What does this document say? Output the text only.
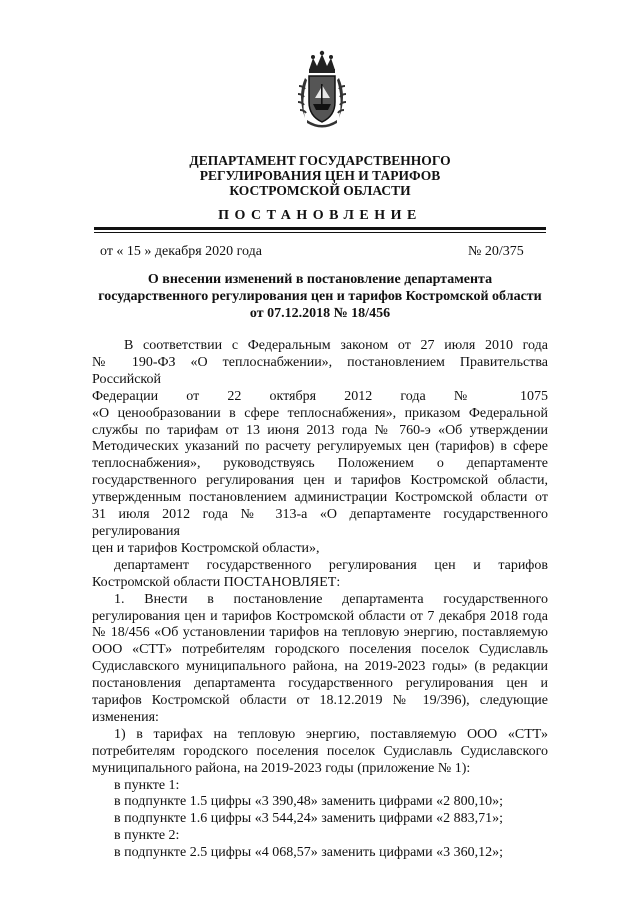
ДЕПАРТАМЕНТ ГОСУДАРСТВЕННОГО
РЕГУЛИРОВАНИЯ ЦЕН И ТАРИФОВ
КОСТРОМСКОЙ ОБЛАСТИ
ПОСТАНОВЛЕНИЕ
от « 15 » декабря 2020 года	№ 20/375
О внесении изменений в постановление департамента
государственного регулирования цен и тарифов Костромской области
от 07.12.2018 № 18/456
В соответствии с Федеральным законом от 27 июля 2010 года
№ 190-ФЗ «О теплоснабжении», постановлением Правительства Российской
Федерации от 22 октября 2012 года № 1075
«О ценообразовании в сфере теплоснабжения», приказом Федеральной
службы по тарифам от 13 июня 2013 года № 760-э «Об утверждении
Методических указаний по расчету регулируемых цен (тарифов) в сфере
теплоснабжения», руководствуясь Положением о департаменте
государственного регулирования цен и тарифов Костромской области,
утвержденным постановлением администрации Костромской области от
31 июля 2012 года № 313-а «О департаменте государственного регулирования
цен и тарифов Костромской области»,
департамент государственного регулирования цен и тарифов
Костромской области ПОСТАНОВЛЯЕТ:
1. Внести в постановление департамента государственного
регулирования цен и тарифов Костромской области от 7 декабря 2018 года
№ 18/456 «Об установлении тарифов на тепловую энергию, поставляемую
ООО «СТТ» потребителям городского поселения поселок Судиславль
Судиславского муниципального района, на 2019-2023 годы» (в редакции
постановления департамента государственного регулирования цен и
тарифов Костромской области от 18.12.2019 № 19/396), следующие
изменения:
1) в тарифах на тепловую энергию, поставляемую ООО «СТТ»
потребителям городского поселения поселок Судиславль Судиславского
муниципального района, на 2019-2023 годы (приложение № 1):
в пункте 1:
в подпункте 1.5 цифры «3 390,48» заменить цифрами «2 800,10»;
в подпункте 1.6 цифры «3 544,24» заменить цифрами «2 883,71»;
в пункте 2:
в подпункте 2.5 цифры «4 068,57» заменить цифрами «3 360,12»;
